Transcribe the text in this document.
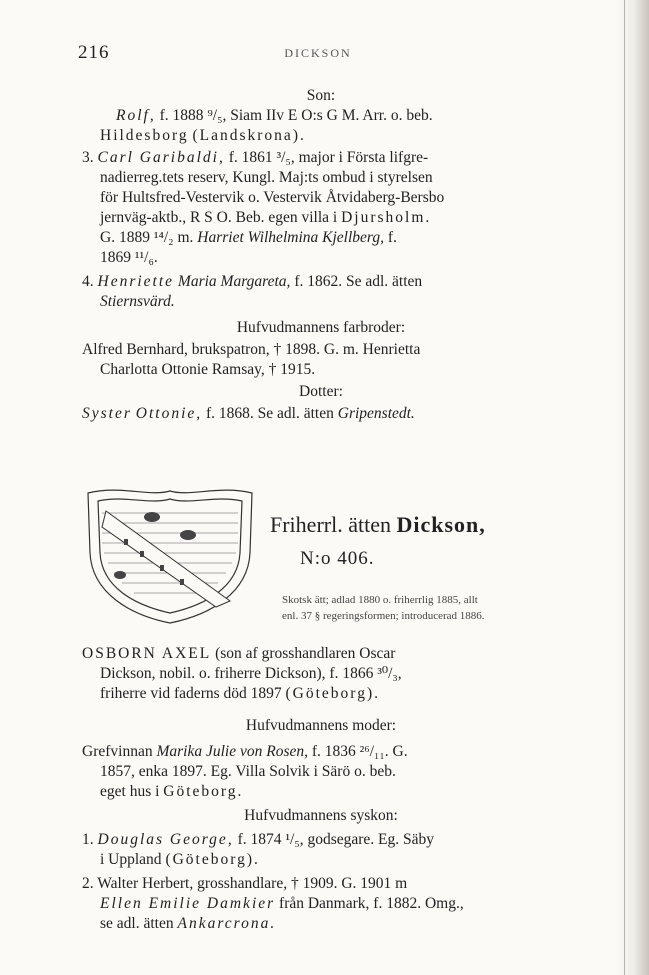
216	DICKSON
Son:
Rolf, f. 1888 ⁹/₅, Siam IIv E O:s G M. Arr. o. beb.
Hildesborg (Landskrona).
3. Carl Garibaldi, f. 1861 ³/₅, major i Första lifgre-
nadierreg.tets reserv, Kungl. Maj:ts ombud i styrelsen
för Hultsfred-Vestervik o. Vestervik Åtvidaberg-Bersbo
jernväg-aktb., R S O. Beb. egen villa i Djursholm.
G. 1889 ¹⁴/₂ m. Harriet Wilhelmina Kjellberg, f.
1869 ¹¹/₆.
4. Henriette Maria Margareta, f. 1862. Se adl. ätten
Stiernsvärd.
Hufvudmannens farbroder:
Alfred Bernhard, brukspatron, † 1898. G. m. Henrietta
Charlotta Ottonie Ramsay, † 1915.
Dotter:
Syster Ottonie, f. 1868. Se adl. ätten Gripenstedt.
Friherrl. ätten Dickson,
N:o 406.
Skotsk ätt; adlad 1880 o. friherrlig 1885, allt
enl. 37 § regeringsformen; introducerad 1886.
OSBORN AXEL (son af grosshandlaren Oscar
Dickson, nobil. o. friherre Dickson), f. 1866 ³⁰/₃,
friherre vid faderns död 1897 (Göteborg).
Hufvudmannens moder:
Grefvinnan Marika Julie von Rosen, f. 1836 ²⁶/₁₁. G.
1857, enka 1897. Eg. Villa Solvik i Särö o. beb.
eget hus i Göteborg.
Hufvudmannens syskon:
1. Douglas George, f. 1874 ¹/₅, godsegare. Eg. Säby
i Uppland (Göteborg).
2. Walter Herbert, grosshandlare, † 1909. G. 1901 m
Ellen Emilie Damkier från Danmark, f. 1882. Omg.,
se adl. ätten Ankarcrona.
